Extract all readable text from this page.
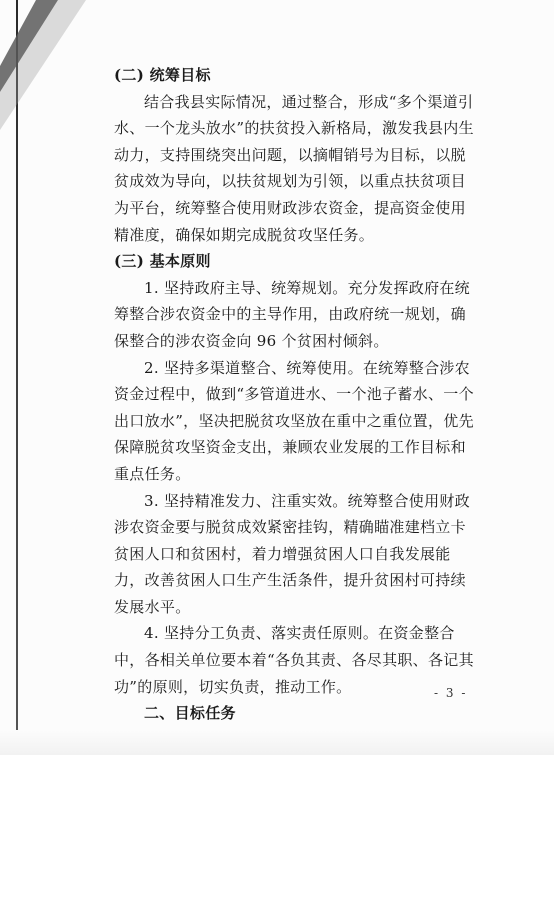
(二) 统筹目标

结合我县实际情况，通过整合，形成“多个渠道引水、一个龙头放水”的扶贫投入新格局，激发我县内生动力，支持围绕突出问题，以摘帽销号为目标，以脱贫成效为导向，以扶贫规划为引领，以重点扶贫项目为平台，统筹整合使用财政涉农资金，提高资金使用精准度，确保如期完成脱贫攻坚任务。

(三) 基本原则

1. 坚持政府主导、统筹规划。充分发挥政府在统筹整合涉农资金中的主导作用，由政府统一规划，确保整合的涉农资金向 96 个贫困村倾斜。

2. 坚持多渠道整合、统筹使用。在统筹整合涉农资金过程中，做到“多管道进水、一个池子蓄水、一个出口放水”，坚决把脱贫攻坚放在重中之重位置，优先保障脱贫攻坚资金支出，兼顾农业发展的工作目标和重点任务。

3. 坚持精准发力、注重实效。统筹整合使用财政涉农资金要与脱贫成效紧密挂钩，精确瞄准建档立卡贫困人口和贫困村，着力增强贫困人口自我发展能力，改善贫困人口生产生活条件，提升贫困村可持续发展水平。

4. 坚持分工负责、落实责任原则。在资金整合中，各相关单位要本着“各负其责、各尽其职、各记其功”的原则，切实负责，推动工作。

二、目标任务

- 3 -
